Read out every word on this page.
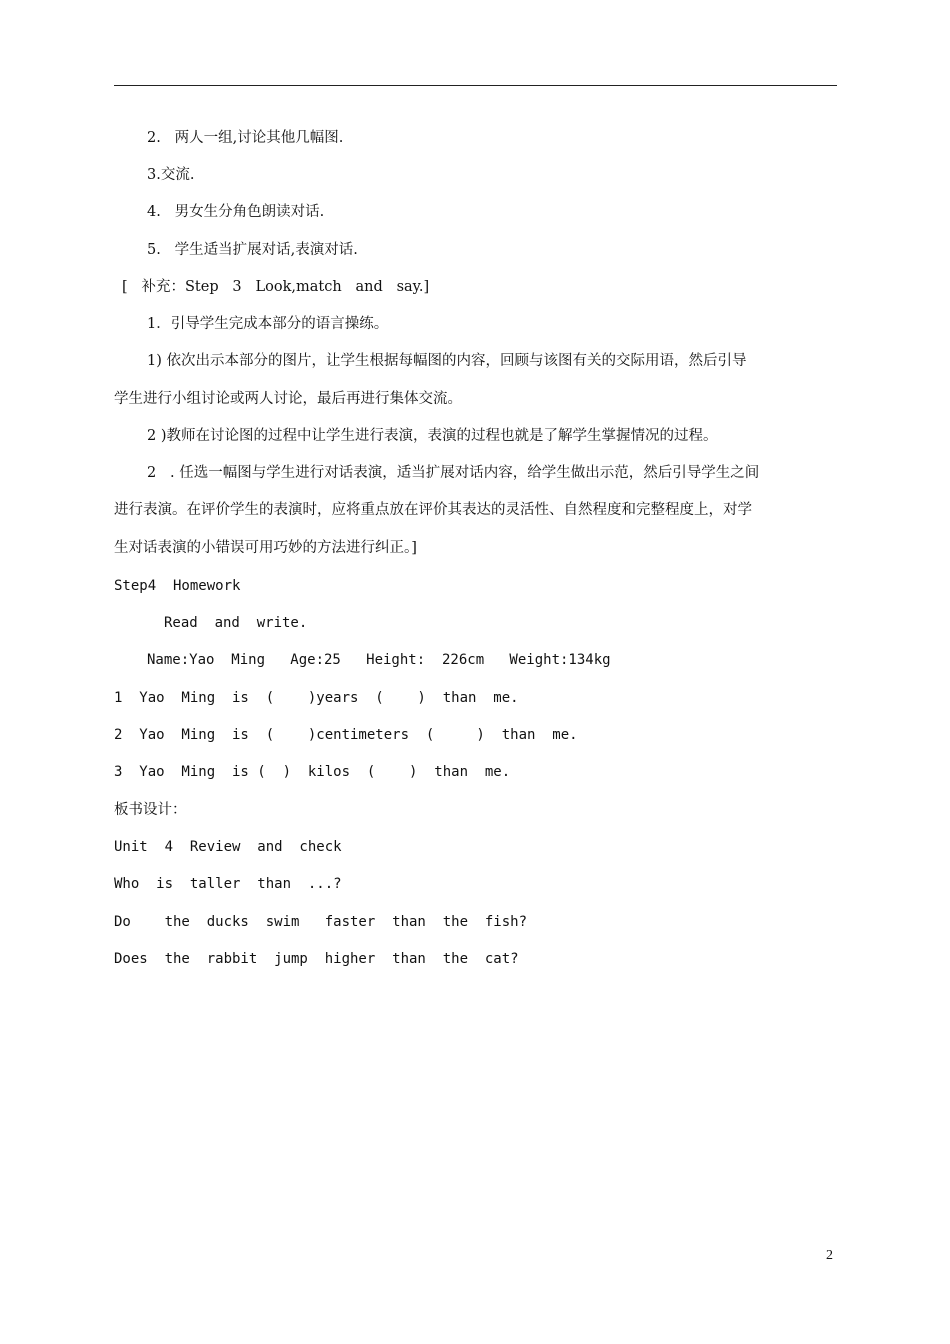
2.   两人一组,讨论其他几幅图.
3.交流.
4.   男女生分角色朗读对话.
5.   学生适当扩展对话,表演对话.
[   补充：Step   3   Look,match   and   say.]
1．引导学生完成本部分的语言操练。
1) 依次出示本部分的图片，让学生根据每幅图的内容，回顾与该图有关的交际用语，然后引导
学生进行小组讨论或两人讨论，最后再进行集体交流。
2 )教师在讨论图的过程中让学生进行表演，表演的过程也就是了解学生掌握情况的过程。
2   . 任选一幅图与学生进行对话表演，适当扩展对话内容，给学生做出示范，然后引导学生之间
进行表演。在评价学生的表演时，应将重点放在评价其表达的灵活性、自然程度和完整程度上，对学
生对话表演的小错误可用巧妙的方法进行纠正。]
Step4  Homework
Read  and  write.
Name:Yao  Ming   Age:25   Height:  226cm   Weight:134kg
1  Yao  Ming  is  (    )years  (    )  than  me.
2  Yao  Ming  is  (    )centimeters  (     )  than  me.
3  Yao  Ming  is (  )  kilos  (    )  than  me.
板书设计：
Unit  4  Review  and  check
Who  is  taller  than  ...?
Do    the  ducks  swim   faster  than  the  fish?
Does  the  rabbit  jump  higher  than  the  cat?
2
